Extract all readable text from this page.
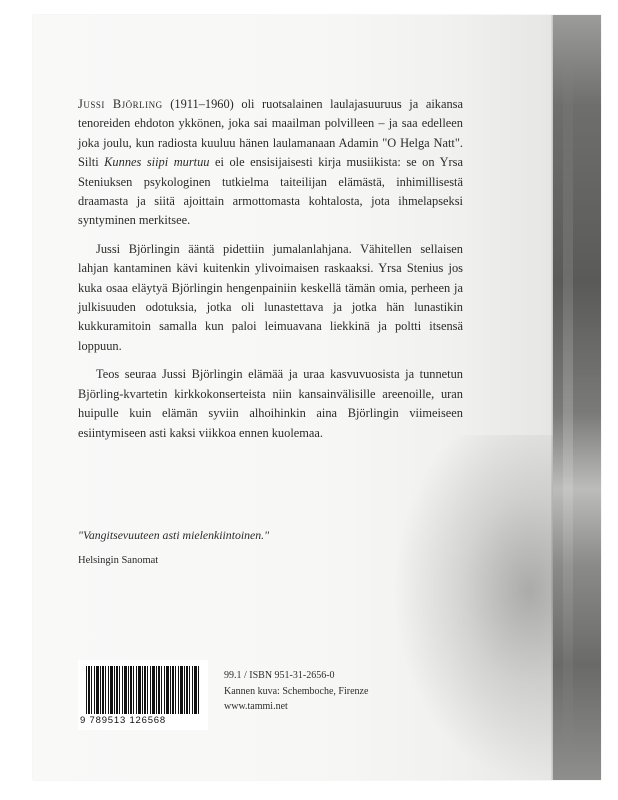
Jussi Björling (1911–1960) oli ruotsalainen laulajasuuruus ja aikansa tenoreiden ehdoton ykkönen, joka sai maailman polvilleen – ja saa edelleen joka joulu, kun radiosta kuuluu hänen laulamanaan Adamin "O Helga Natt". Silti Kunnes siipi murtuu ei ole ensisijaisesti kirja musiikista: se on Yrsa Steniuksen psykologinen tutkielma taiteilijan elämästä, inhimillisestä draamasta ja siitä ajoittain armottomasta kohtalosta, jota ihmelapseksi syntyminen merkitsee.

Jussi Björlingin ääntä pidettiin jumalanlahjana. Vähitellen sellaisen lahjan kantaminen kävi kuitenkin ylivoimaisen raskaaksi. Yrsa Stenius jos kuka osaa eläytyä Björlingin hengenpainiin keskellä tämän omia, perheen ja julkisuuden odotuksia, jotka oli lunastettava ja jotka hän lunastikin kukkuramitoin samalla kun paloi leimuavana liekkinä ja poltti itsensä loppuun.

Teos seuraa Jussi Björlingin elämää ja uraa kasvuvuosista ja tunnetun Björling-kvartetin kirkkokonserteista niin kansainvälisille areenoille, uran huipulle kuin elämän syviin alhoihinkin aina Björlingin viimeiseen esiintymiseen asti kaksi viikkoa ennen kuolemaa.

"Vangitsevuuteen asti mielenkiintoinen."

Helsingin Sanomat

9 789513 126568
99.1 / ISBN 951-31-2656-0
Kannen kuva: Schemboche, Firenze
www.tammi.net
